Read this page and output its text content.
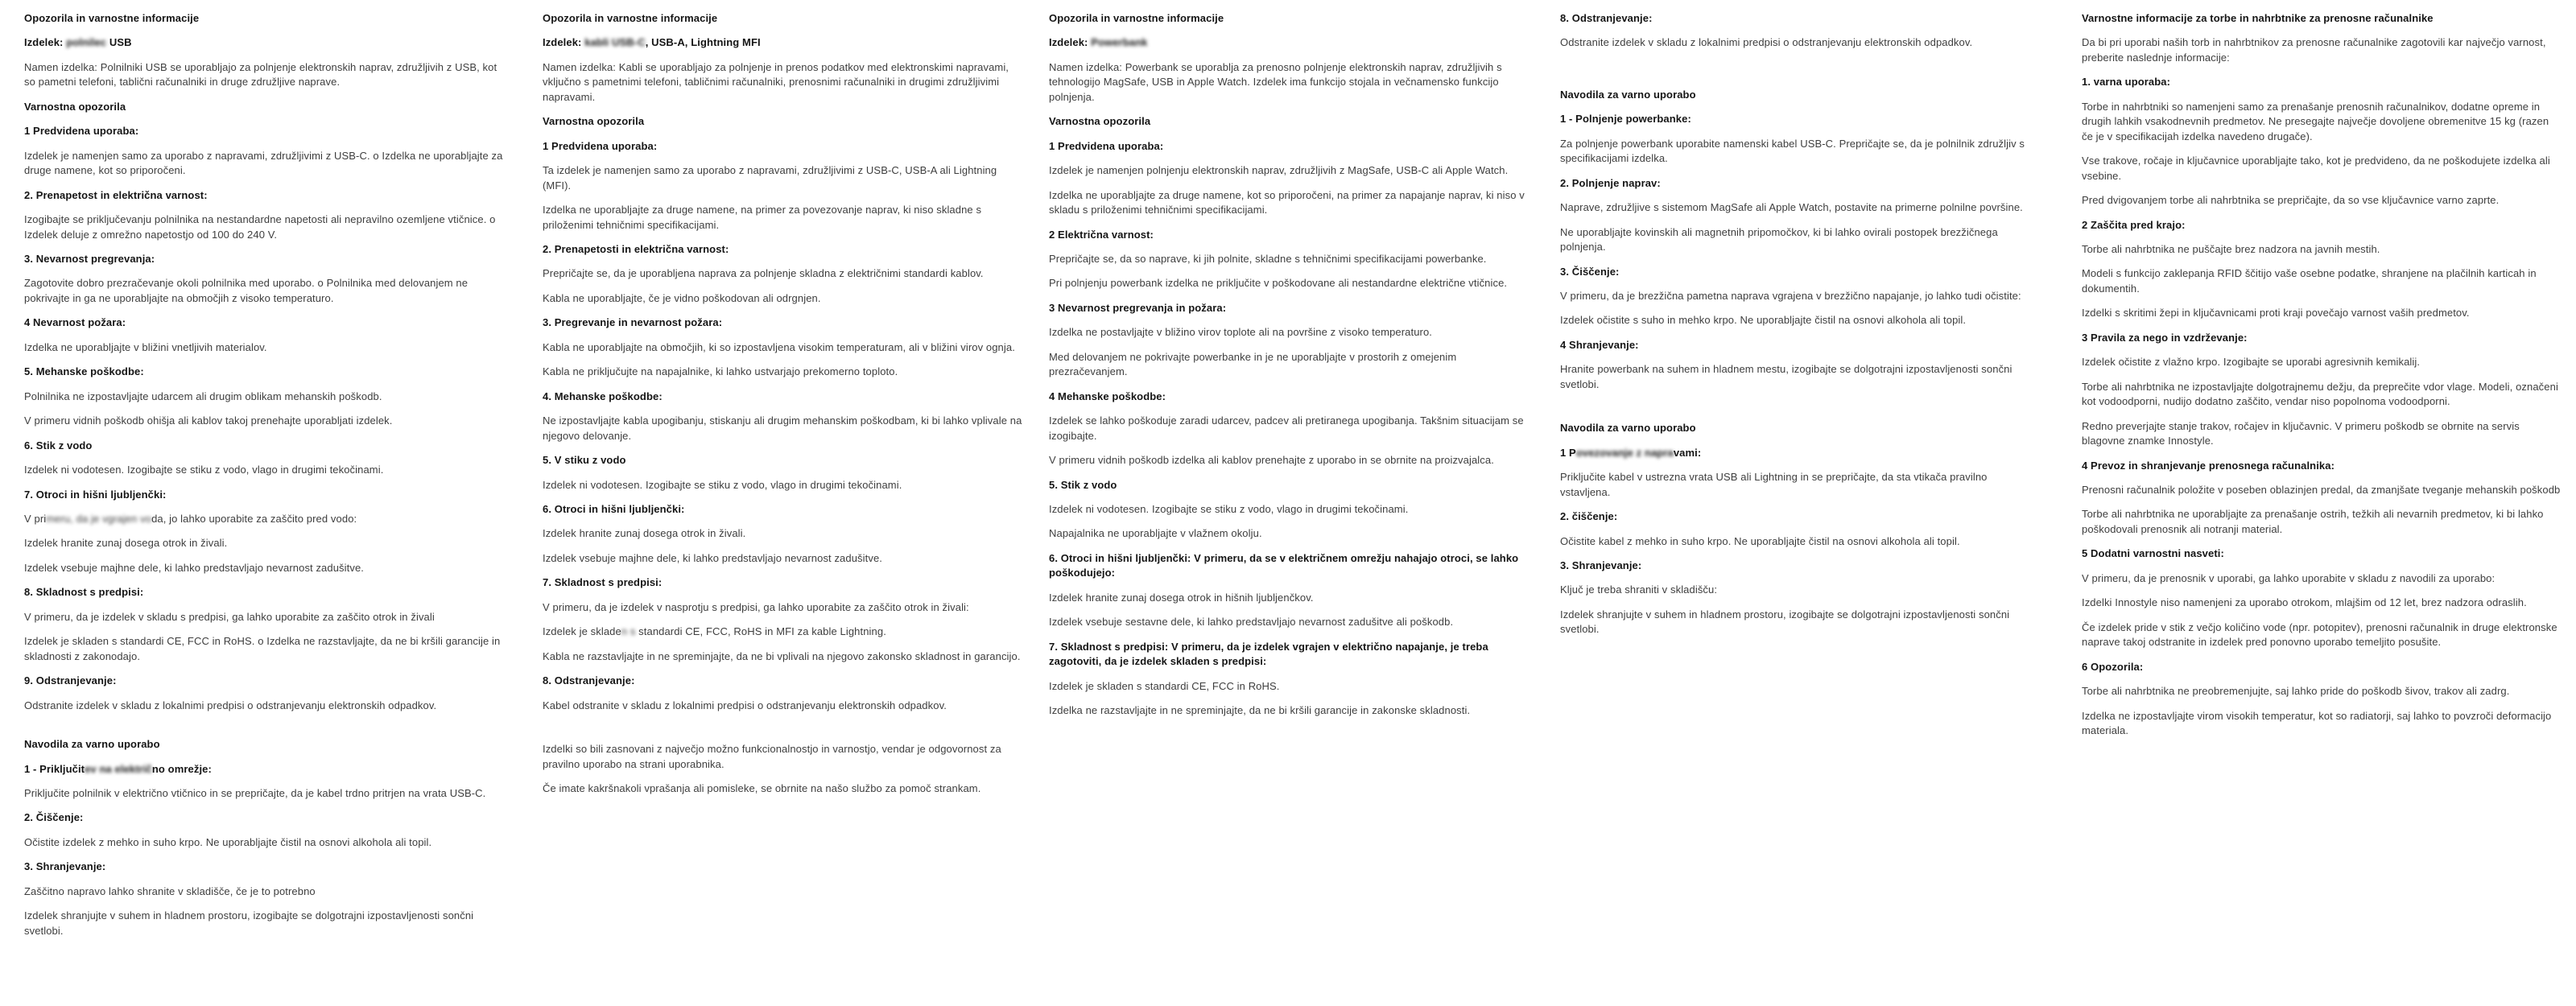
Opozorila in varnostne informacije
Izdelek: polnilec USB
Namen izdelka: Polnilniki USB se uporabljajo za polnjenje elektronskih naprav, združljivih z USB, kot so pametni telefoni, tablični računalniki in druge združljive naprave.
Varnostna opozorila
1 Predvidena uporaba:
Izdelek je namenjen samo za uporabo z napravami, združljivimi z USB-C. o Izdelka ne uporabljajte za druge namene, kot so priporočeni.
2. Prenapetost in električna varnost:
Izogibajte se priključevanju polnilnika na nestandardne napetosti ali nepravilno ozemljene vtičnice. o Izdelek deluje z omrežno napetostjo od 100 do 240 V.
3. Nevarnost pregrevanja:
Zagotovite dobro prezračevanje okoli polnilnika med uporabo. o Polnilnika med delovanjem ne pokrivajte in ga ne uporabljajte na območjih z visoko temperaturo.
4 Nevarnost požara:
Izdelka ne uporabljajte v bližini vnetljivih materialov.
5. Mehanske poškodbe:
Polnilnika ne izpostavljajte udarcem ali drugim oblikam mehanskih poškodb.
V primeru vidnih poškodb ohišja ali kablov takoj prenehajte uporabljati izdelek.
6. Stik z vodo
Izdelek ni vodotesen. Izogibajte se stiku z vodo, vlago in drugimi tekočinami.
7. Otroci in hišni ljubljenčki:
V primeru, da je vgrajen voda, jo lahko uporabite za zaščito pred vodo:
Izdelek hranite zunaj dosega otrok in živali.
Izdelek vsebuje majhne dele, ki lahko predstavljajo nevarnost zadušitve.
8. Skladnost s predpisi:
V primeru, da je izdelek v skladu s predpisi, ga lahko uporabite za zaščito otrok in živali
Izdelek je skladen s standardi CE, FCC in RoHS. o Izdelka ne razstavljajte, da ne bi kršili garancije in skladnosti z zakonodajo.
9. Odstranjevanje:
Odstranite izdelek v skladu z lokalnimi predpisi o odstranjevanju elektronskih odpadkov.
Navodila za varno uporabo
1 - Priključitev na električno omrežje:
Priključite polnilnik v električno vtičnico in se prepričajte, da je kabel trdno pritrjen na vrata USB-C.
2. Čiščenje:
Očistite izdelek z mehko in suho krpo. Ne uporabljajte čistil na osnovi alkohola ali topil.
3. Shranjevanje:
Zaščitno napravo lahko shranite v skladišče, če je to potrebno
Izdelek shranjujte v suhem in hladnem prostoru, izogibajte se dolgotrajni izpostavljenosti sončni svetlobi.
Opozorila in varnostne informacije
Izdelek: kabli USB-C, USB-A, Lightning MFI
Namen izdelka: Kabli se uporabljajo za polnjenje in prenos podatkov med elektronskimi napravami, vključno s pametnimi telefoni, tabličnimi računalniki, prenosnimi računalniki in drugimi združljivimi napravami.
Varnostna opozorila
1 Predvidena uporaba:
Ta izdelek je namenjen samo za uporabo z napravami, združljivimi z USB-C, USB-A ali Lightning (MFI).
Izdelka ne uporabljajte za druge namene, na primer za povezovanje naprav, ki niso skladne s priloženimi tehničnimi specifikacijami.
2. Prenapetosti in električna varnost:
Prepričajte se, da je uporabljena naprava za polnjenje skladna z električnimi standardi kablov.
Kabla ne uporabljajte, če je vidno poškodovan ali odrgnjen.
3. Pregrevanje in nevarnost požara:
Kabla ne uporabljajte na območjih, ki so izpostavljena visokim temperaturam, ali v bližini virov ognja.
Kabla ne priključujte na napajalnike, ki lahko ustvarjajo prekomerno toploto.
4. Mehanske poškodbe:
Ne izpostavljajte kabla upogibanju, stiskanju ali drugim mehanskim poškodbam, ki bi lahko vplivale na njegovo delovanje.
5. V stiku z vodo
Izdelek ni vodotesen. Izogibajte se stiku z vodo, vlago in drugimi tekočinami.
6. Otroci in hišni ljubljenčki:
Izdelek hranite zunaj dosega otrok in živali.
Izdelek vsebuje majhne dele, ki lahko predstavljajo nevarnost zadušitve.
7. Skladnost s predpisi:
V primeru, da je izdelek v nasprotju s predpisi, ga lahko uporabite za zaščito otrok in živali:
Izdelek je skladen s standardi CE, FCC, RoHS in MFI za kable Lightning.
Kabla ne razstavljajte in ne spreminjajte, da ne bi vplivali na njegovo zakonsko skladnost in garancijo.
8. Odstranjevanje:
Kabel odstranite v skladu z lokalnimi predpisi o odstranjevanju elektronskih odpadkov.
Izdelki so bili zasnovani z največjo možno funkcionalnostjo in varnostjo, vendar je odgovornost za pravilno uporabo na strani uporabnika.
Če imate kakršnakoli vprašanja ali pomisleke, se obrnite na našo službo za pomoč strankam.
Opozorila in varnostne informacije
Izdelek: Powerbank
Namen izdelka: Powerbank se uporablja za prenosno polnjenje elektronskih naprav, združljivih s tehnologijo MagSafe, USB in Apple Watch. Izdelek ima funkcijo stojala in večnamensko funkcijo polnjenja.
Varnostna opozorila
1 Predvidena uporaba:
Izdelek je namenjen polnjenju elektronskih naprav, združljivih z MagSafe, USB-C ali Apple Watch.
Izdelka ne uporabljajte za druge namene, kot so priporočeni, na primer za napajanje naprav, ki niso v skladu s priloženimi tehničnimi specifikacijami.
2 Električna varnost:
Prepričajte se, da so naprave, ki jih polnite, skladne s tehničnimi specifikacijami powerbanke.
Pri polnjenju powerbank izdelka ne priključite v poškodovane ali nestandardne električne vtičnice.
3 Nevarnost pregrevanja in požara:
Izdelka ne postavljajte v bližino virov toplote ali na površine z visoko temperaturo.
Med delovanjem ne pokrivajte powerbanke in je ne uporabljajte v prostorih z omejenim prezračevanjem.
4 Mehanske poškodbe:
Izdelek se lahko poškoduje zaradi udarcev, padcev ali pretiranega upogibanja. Takšnim situacijam se izogibajte.
V primeru vidnih poškodb izdelka ali kablov prenehajte z uporabo in se obrnite na proizvajalca.
5. Stik z vodo
Izdelek ni vodotesen. Izogibajte se stiku z vodo, vlago in drugimi tekočinami.
Napajalnika ne uporabljajte v vlažnem okolju.
6. Otroci in hišni ljubljenčki: V primeru, da se v električnem omrežju nahajajo otroci, se lahko poškodujejo:
Izdelek hranite zunaj dosega otrok in hišnih ljubljenčkov.
Izdelek vsebuje sestavne dele, ki lahko predstavljajo nevarnost zadušitve ali poškodb.
7. Skladnost s predpisi: V primeru, da je izdelek vgrajen v električno napajanje, je treba zagotoviti, da je izdelek skladen s predpisi:
Izdelek je skladen s standardi CE, FCC in RoHS.
Izdelka ne razstavljajte in ne spreminjajte, da ne bi kršili garancije in zakonske skladnosti.
8. Odstranjevanje:
Odstranite izdelek v skladu z lokalnimi predpisi o odstranjevanju elektronskih odpadkov.
Navodila za varno uporabo
1 - Polnjenje powerbanke:
Za polnjenje powerbank uporabite namenski kabel USB-C. Prepričajte se, da je polnilnik združljiv s specifikacijami izdelka.
2. Polnjenje naprav:
Naprave, združljive s sistemom MagSafe ali Apple Watch, postavite na primerne polnilne površine.
Ne uporabljajte kovinskih ali magnetnih pripomočkov, ki bi lahko ovirali postopek brezžičnega polnjenja.
3. Čiščenje:
V primeru, da je brezžična pametna naprava vgrajena v brezžično napajanje, jo lahko tudi očistite:
Izdelek očistite s suho in mehko krpo. Ne uporabljajte čistil na osnovi alkohola ali topil.
4 Shranjevanje:
Hranite powerbank na suhem in hladnem mestu, izogibajte se dolgotrajni izpostavljenosti sončni svetlobi.
Navodila za varno uporabo
1 Povezovanje z napravami:
Priključite kabel v ustrezna vrata USB ali Lightning in se prepričajte, da sta vtikača pravilno vstavljena.
2. čiščenje:
Očistite kabel z mehko in suho krpo. Ne uporabljajte čistil na osnovi alkohola ali topil.
3. Shranjevanje:
Ključ je treba shraniti v skladišču:
Izdelek shranjujte v suhem in hladnem prostoru, izogibajte se dolgotrajni izpostavljenosti sončni svetlobi.
Varnostne informacije za torbe in nahrbtnike za prenosne računalnike
Da bi pri uporabi naših torb in nahrbtnikov za prenosne računalnike zagotovili kar največjo varnost, preberite naslednje informacije:
1. varna uporaba:
Torbe in nahrbtniki so namenjeni samo za prenašanje prenosnih računalnikov, dodatne opreme in drugih lahkih vsakodnevnih predmetov. Ne presegajte največje dovoljene obremenitve 15 kg (razen če je v specifikacijah izdelka navedeno drugače).
Vse trakove, ročaje in ključavnice uporabljajte tako, kot je predvideno, da ne poškodujete izdelka ali vsebine.
Pred dvigovanjem torbe ali nahrbtnika se prepričajte, da so vse ključavnice varno zaprte.
2 Zaščita pred krajo:
Torbe ali nahrbtnika ne puščajte brez nadzora na javnih mestih.
Modeli s funkcijo zaklepanja RFID ščitijo vaše osebne podatke, shranjene na plačilnih karticah in dokumentih.
Izdelki s skritimi žepi in ključavnicami proti kraji povečajo varnost vaših predmetov.
3 Pravila za nego in vzdrževanje:
Izdelek očistite z vlažno krpo. Izogibajte se uporabi agresivnih kemikalij.
Torbe ali nahrbtnika ne izpostavljajte dolgotrajnemu dežju, da preprečite vdor vlage. Modeli, označeni kot vodoodporni, nudijo dodatno zaščito, vendar niso popolnoma vodoodporni.
Redno preverjajte stanje trakov, ročajev in ključavnic. V primeru poškodb se obrnite na servis blagovne znamke Innostyle.
4 Prevoz in shranjevanje prenosnega računalnika:
Prenosni računalnik položite v poseben oblazinjen predal, da zmanjšate tveganje mehanskih poškodb
Torbe ali nahrbtnika ne uporabljajte za prenašanje ostrih, težkih ali nevarnih predmetov, ki bi lahko poškodovali prenosnik ali notranji material.
5 Dodatni varnostni nasveti:
V primeru, da je prenosnik v uporabi, ga lahko uporabite v skladu z navodili za uporabo:
Izdelki Innostyle niso namenjeni za uporabo otrokom, mlajšim od 12 let, brez nadzora odraslih.
Če izdelek pride v stik z večjo količino vode (npr. potopitev), prenosni računalnik in druge elektronske naprave takoj odstranite in izdelek pred ponovno uporabo temeljito posušite.
6 Opozorila:
Torbe ali nahrbtnika ne preobremenjujte, saj lahko pride do poškodb šivov, trakov ali zadrg.
Izdelka ne izpostavljajte virom visokih temperatur, kot so radiatorji, saj lahko to povzroči deformacijo materiala.
